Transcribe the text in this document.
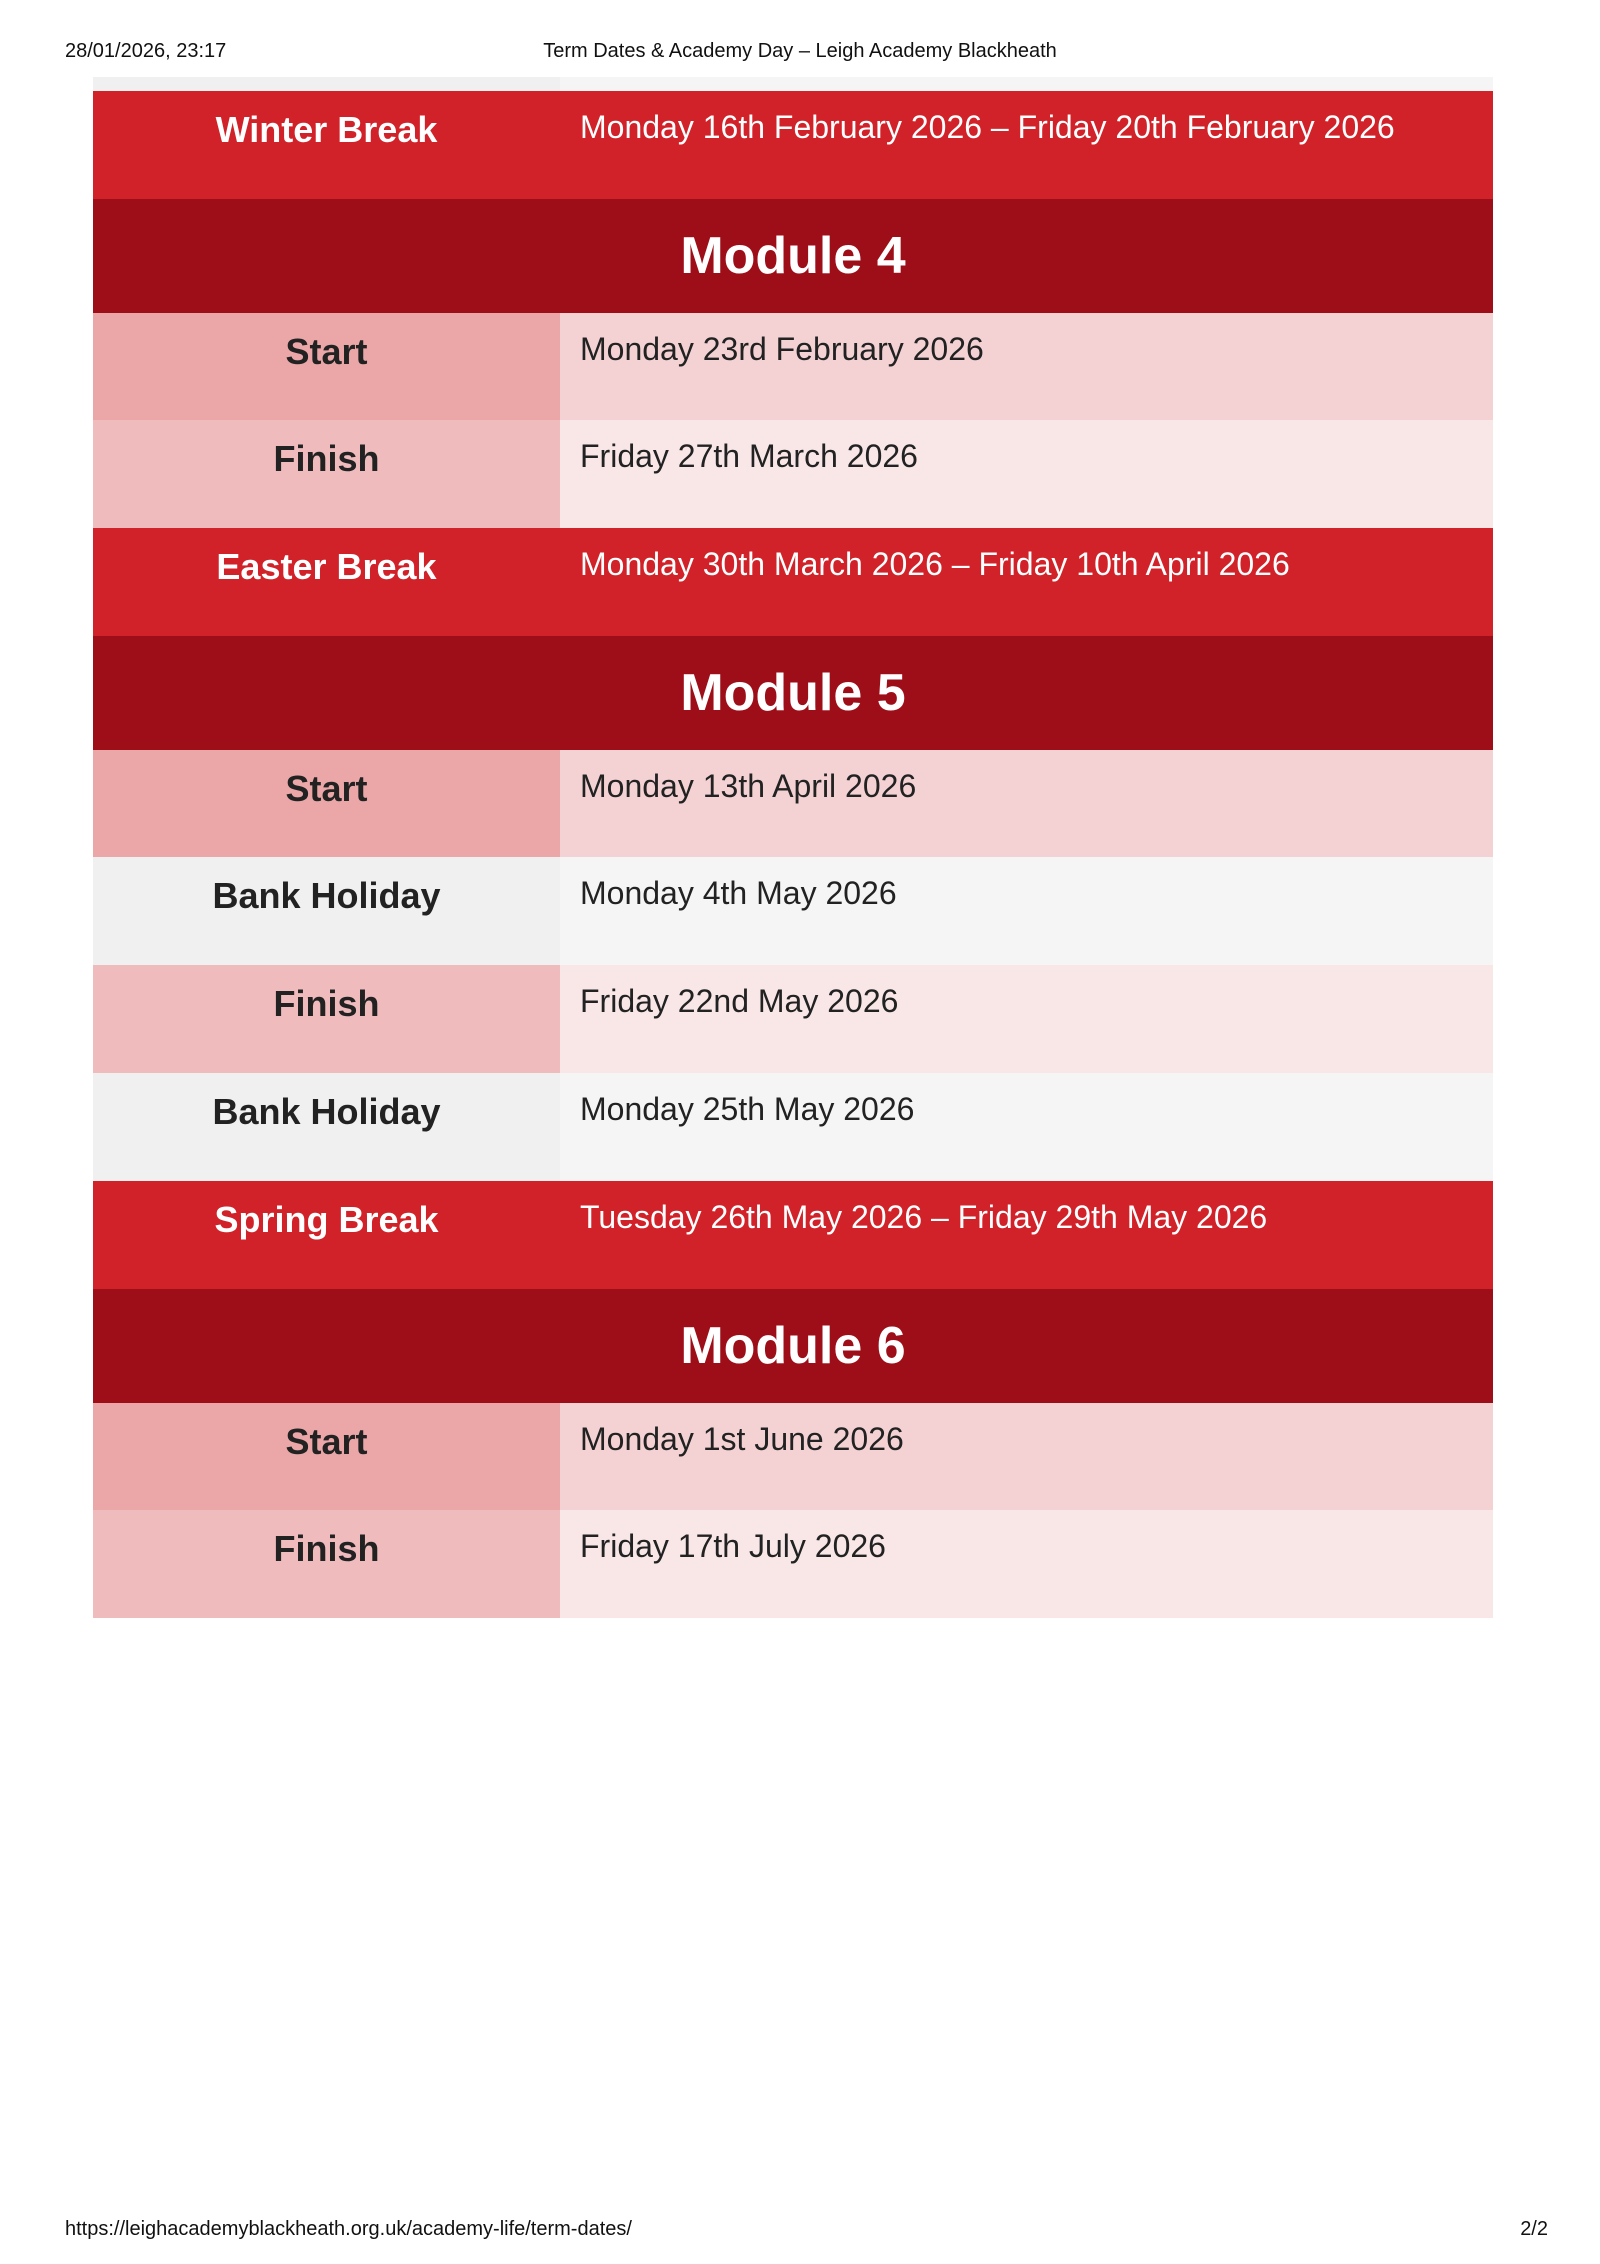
28/01/2026, 23:17	Term Dates & Academy Day – Leigh Academy Blackheath
Winter Break	Monday 16th February 2026 – Friday 20th February 2026
Module 4
Start	Monday 23rd February 2026
Finish	Friday 27th March 2026
Easter Break	Monday 30th March 2026 – Friday 10th April 2026
Module 5
Start	Monday 13th April 2026
Bank Holiday	Monday 4th May 2026
Finish	Friday 22nd May 2026
Bank Holiday	Monday 25th May 2026
Spring Break	Tuesday 26th May 2026 – Friday 29th May 2026
Module 6
Start	Monday 1st June 2026
Finish	Friday 17th July 2026
https://leighacademyblackheath.org.uk/academy-life/term-dates/	2/2
